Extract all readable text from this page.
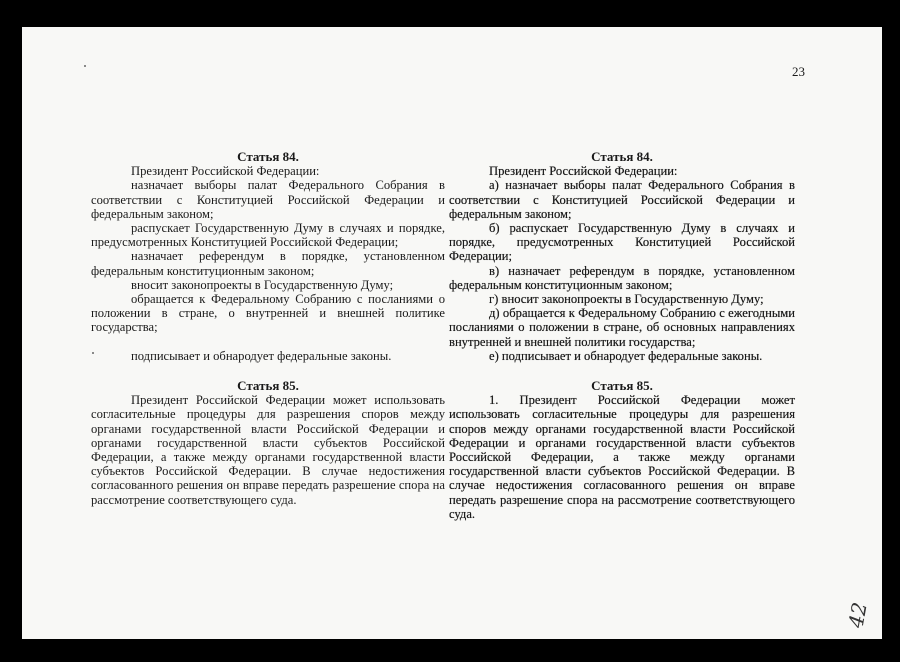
23
Статья 84.

Президент Российской Федерации:

назначает выборы палат Федерального Собрания в соответствии с Конституцией Российской Федерации и федеральным законом;

распускает Государственную Думу в случаях и порядке, предусмотренных Конституцией Российской Федерации;

назначает референдум в порядке, установленном федеральным конституционным законом;

вносит законопроекты в Государственную Думу;

обращается к Федеральному Собранию с посланиями о положении в стране, о внутренней и внешней политике государства;

подписывает и обнародует федеральные законы.

Статья 85.

Президент Российской Федерации может использовать согласительные процедуры для разрешения споров между органами государственной власти Российской Федерации и органами государственной власти субъектов Российской Федерации, а также между органами государственной власти субъектов Российской Федерации. В случае недостижения согласованного решения он вправе передать разрешение спора на рассмотрение соответствующего суда.

Статья 84.

Президент Российской Федерации:

а) назначает выборы палат Федерального Собрания в соответствии с Конституцией Российской Федерации и федеральным законом;

б) распускает Государственную Думу в случаях и порядке, предусмотренных Конституцией Российской Федерации;

в) назначает референдум в порядке, установленном федеральным конституционным законом;

г) вносит законопроекты в Государственную Думу;

д) обращается к Федеральному Собранию с ежегодными посланиями о положении в стране, об основных направлениях внутренней и внешней политики государства;

е) подписывает и обнародует федеральные законы.

Статья 85.

1. Президент Российской Федерации может использовать согласительные процедуры для разрешения споров между органами государственной власти Российской Федерации и органами государственной власти субъектов Российской Федерации, а также между органами государственной власти субъектов Российской Федерации. В случае недостижения согласованного решения он вправе передать разрешение спора на рассмотрение соответствующего суда.

42
